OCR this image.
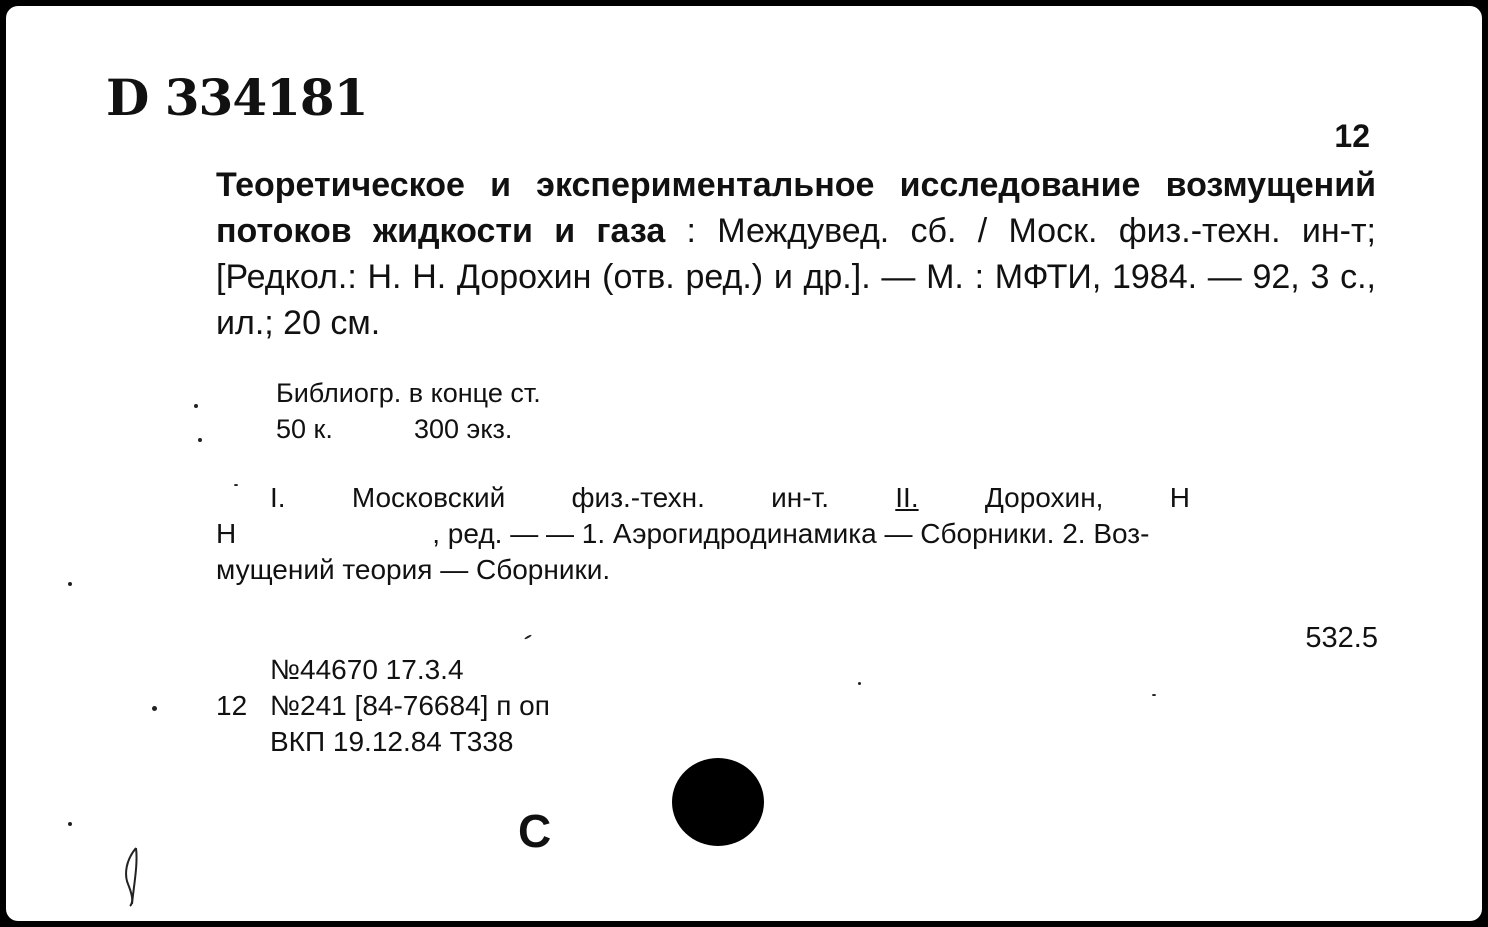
D 334181
12
Теоретическое и экспериментальное исследование возмущений потоков жидкости и газа : Междувед. сб. / Моск. физ.-техн. ин-т; [Редкол.: Н. Н. Дорохин (отв. ред.) и др.]. — М. : МФТИ, 1984. — 92, 3 с., ил.; 20 см.
Библиогр. в конце ст.
50 к.	300 экз.
I. Московский физ.-техн. ин-т. II. Дорохин, Н
Н	, ред. — — 1. Аэрогидродинамика — Сборники. 2. Воз-
мущений теория — Сборники.
532.5
№44670 17.3.4
12 №241 [84-76684] п оп
ВКП 19.12.84 Т338
С
